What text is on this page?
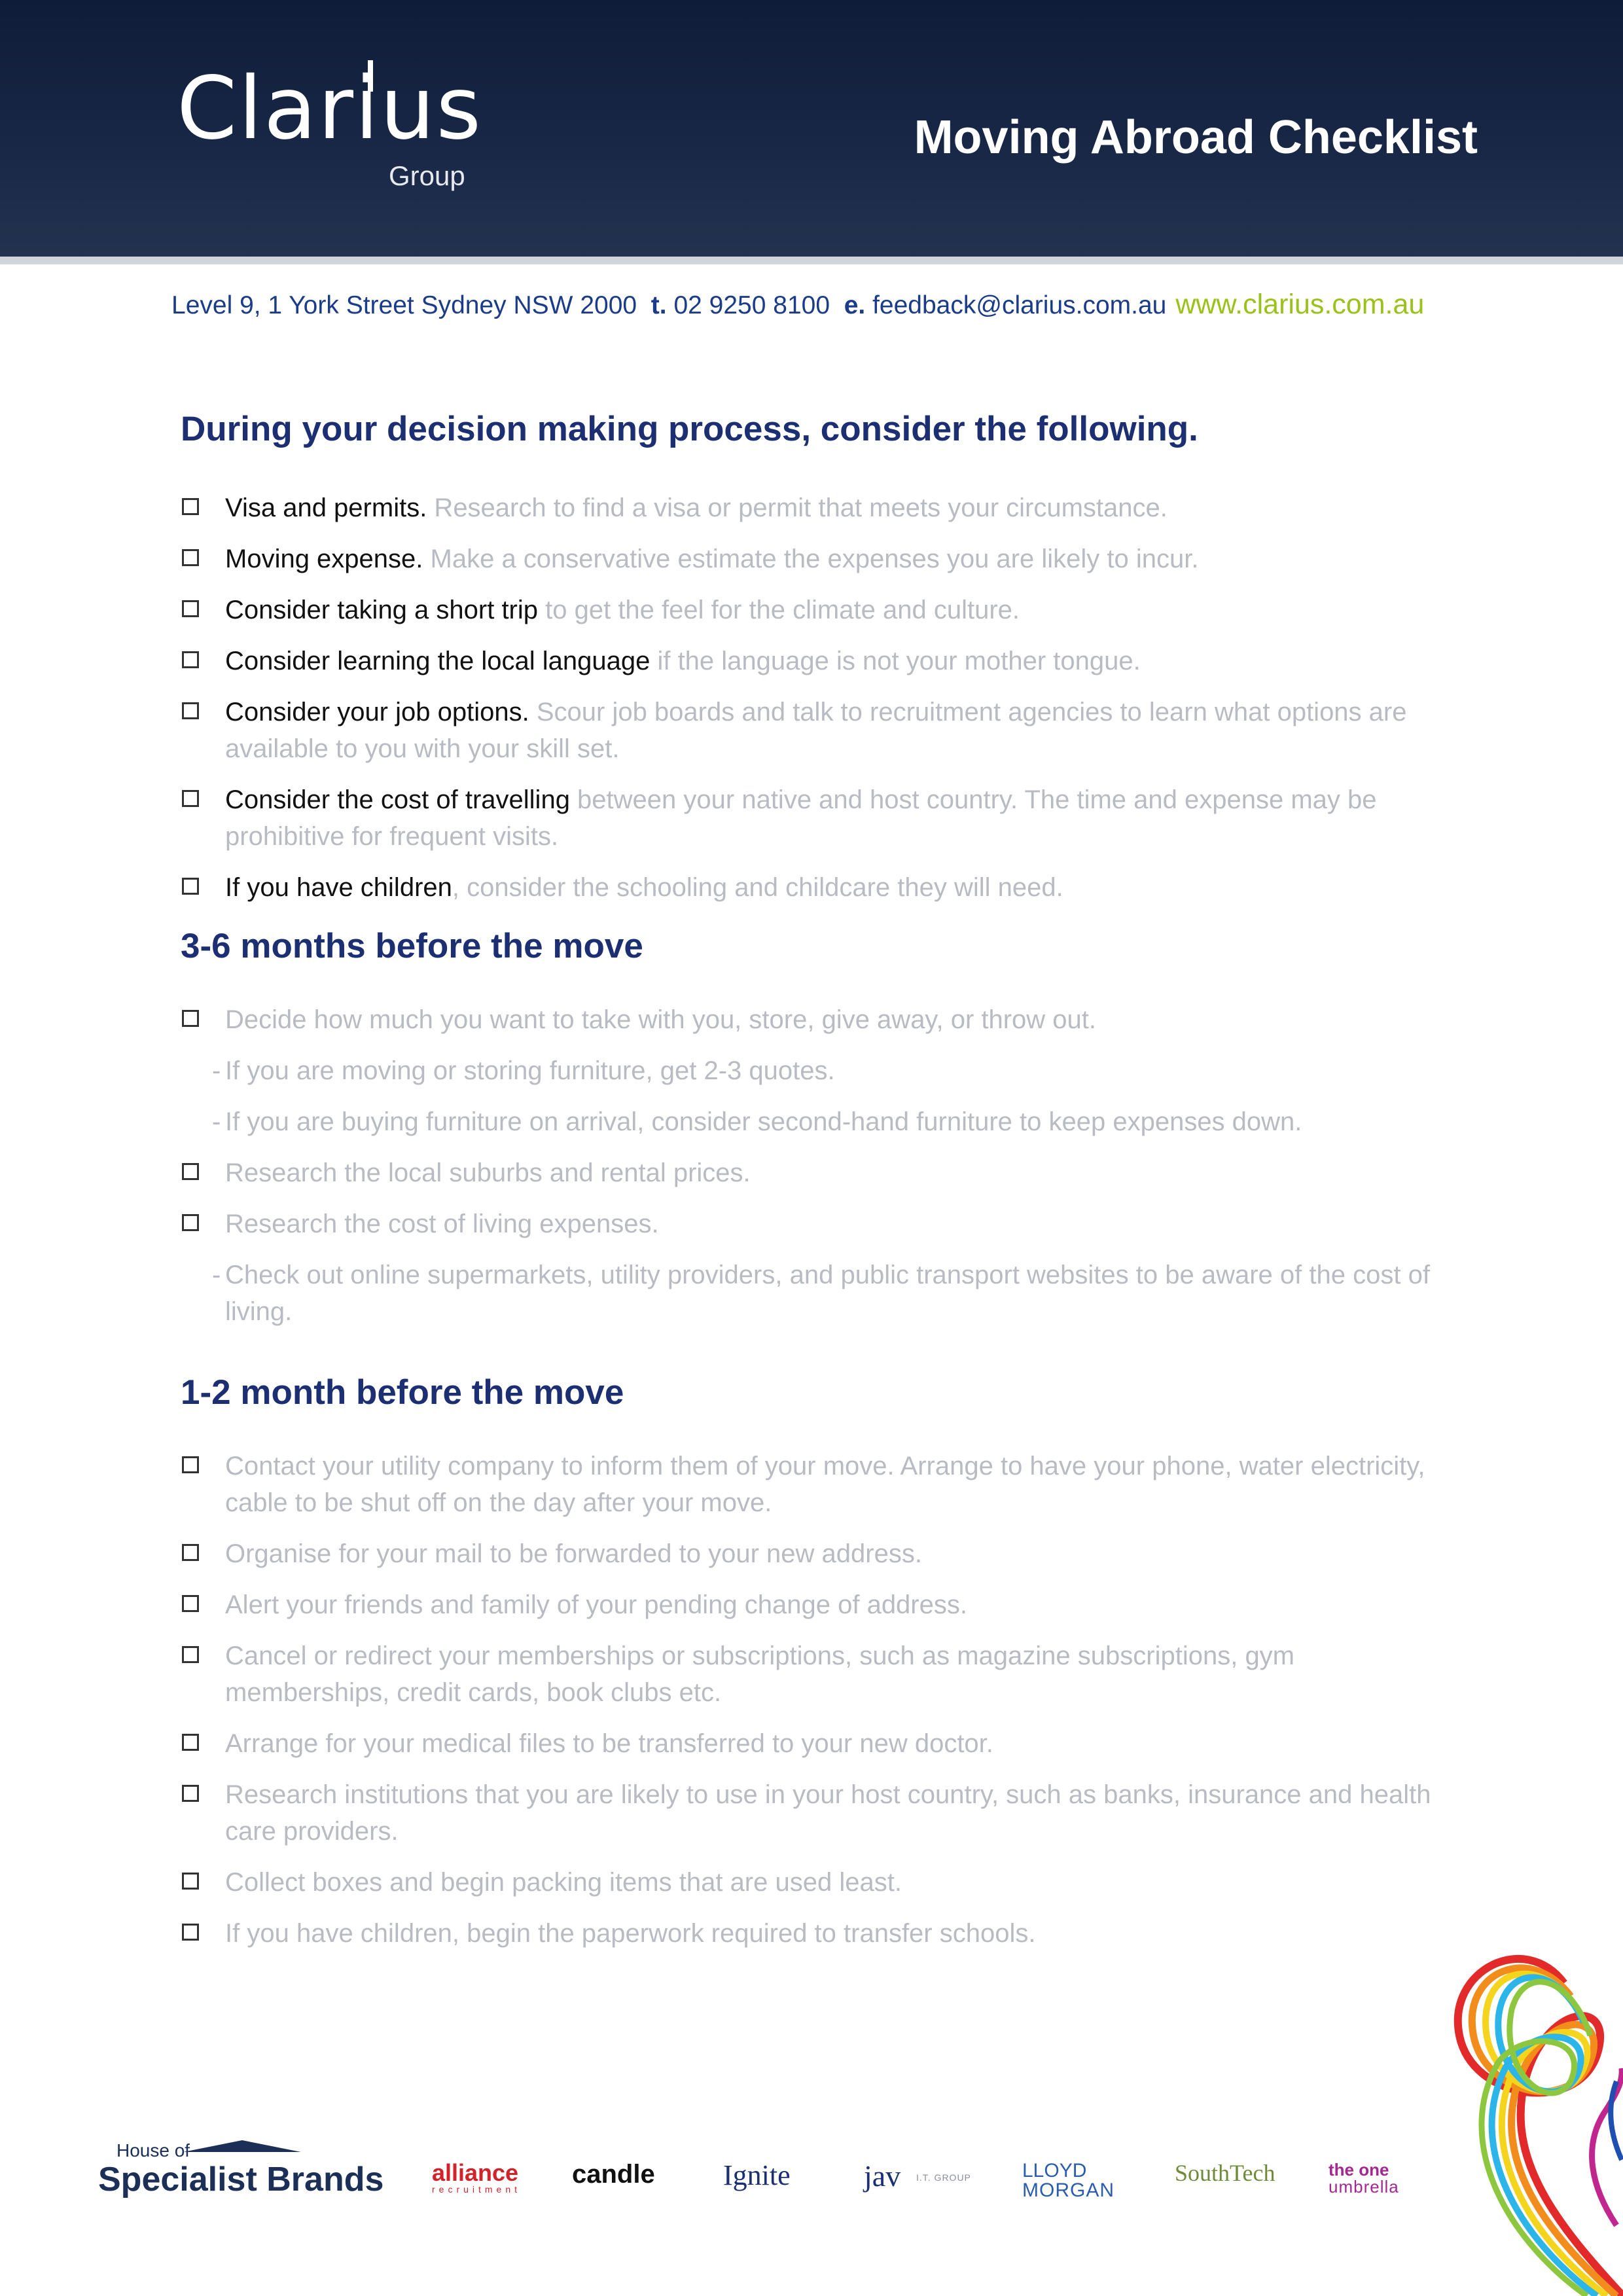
Clarius
Group
Moving Abroad Checklist
Level 9, 1 York Street Sydney NSW 2000 t. 02 9250 8100 e. feedback@clarius.com.au www.clarius.com.au
During your decision making process, consider the following.
Visa and permits. Research to find a visa or permit that meets your circumstance.
Moving expense. Make a conservative estimate the expenses you are likely to incur.
Consider taking a short trip to get the feel for the climate and culture.
Consider learning the local language if the language is not your mother tongue.
Consider your job options. Scour job boards and talk to recruitment agencies to learn what options are available to you with your skill set.
Consider the cost of travelling between your native and host country. The time and expense may be prohibitive for frequent visits.
If you have children, consider the schooling and childcare they will need.
3-6 months before the move
Decide how much you want to take with you, store, give away, or throw out.
- If you are moving or storing furniture, get 2-3 quotes.
- If you are buying furniture on arrival, consider second-hand furniture to keep expenses down.
Research the local suburbs and rental prices.
Research the cost of living expenses.
- Check out online supermarkets, utility providers, and public transport websites to be aware of the cost of living.
1-2 month before the move
Contact your utility company to inform them of your move. Arrange to have your phone, water electricity, cable to be shut off on the day after your move.
Organise for your mail to be forwarded to your new address.
Alert your friends and family of your pending change of address.
Cancel or redirect your memberships or subscriptions, such as magazine subscriptions, gym memberships, credit cards, book clubs etc.
Arrange for your medical files to be transferred to your new doctor.
Research institutions that you are likely to use in your host country, such as banks, insurance and health care providers.
Collect boxes and begin packing items that are used least.
If you have children, begin the paperwork required to transfer schools.
House of
Specialist Brands alliance
recruitment
candle Ignite jav I.T. GROUP	LLOYD
MORGAN
SouthTech	the one
umbrella
